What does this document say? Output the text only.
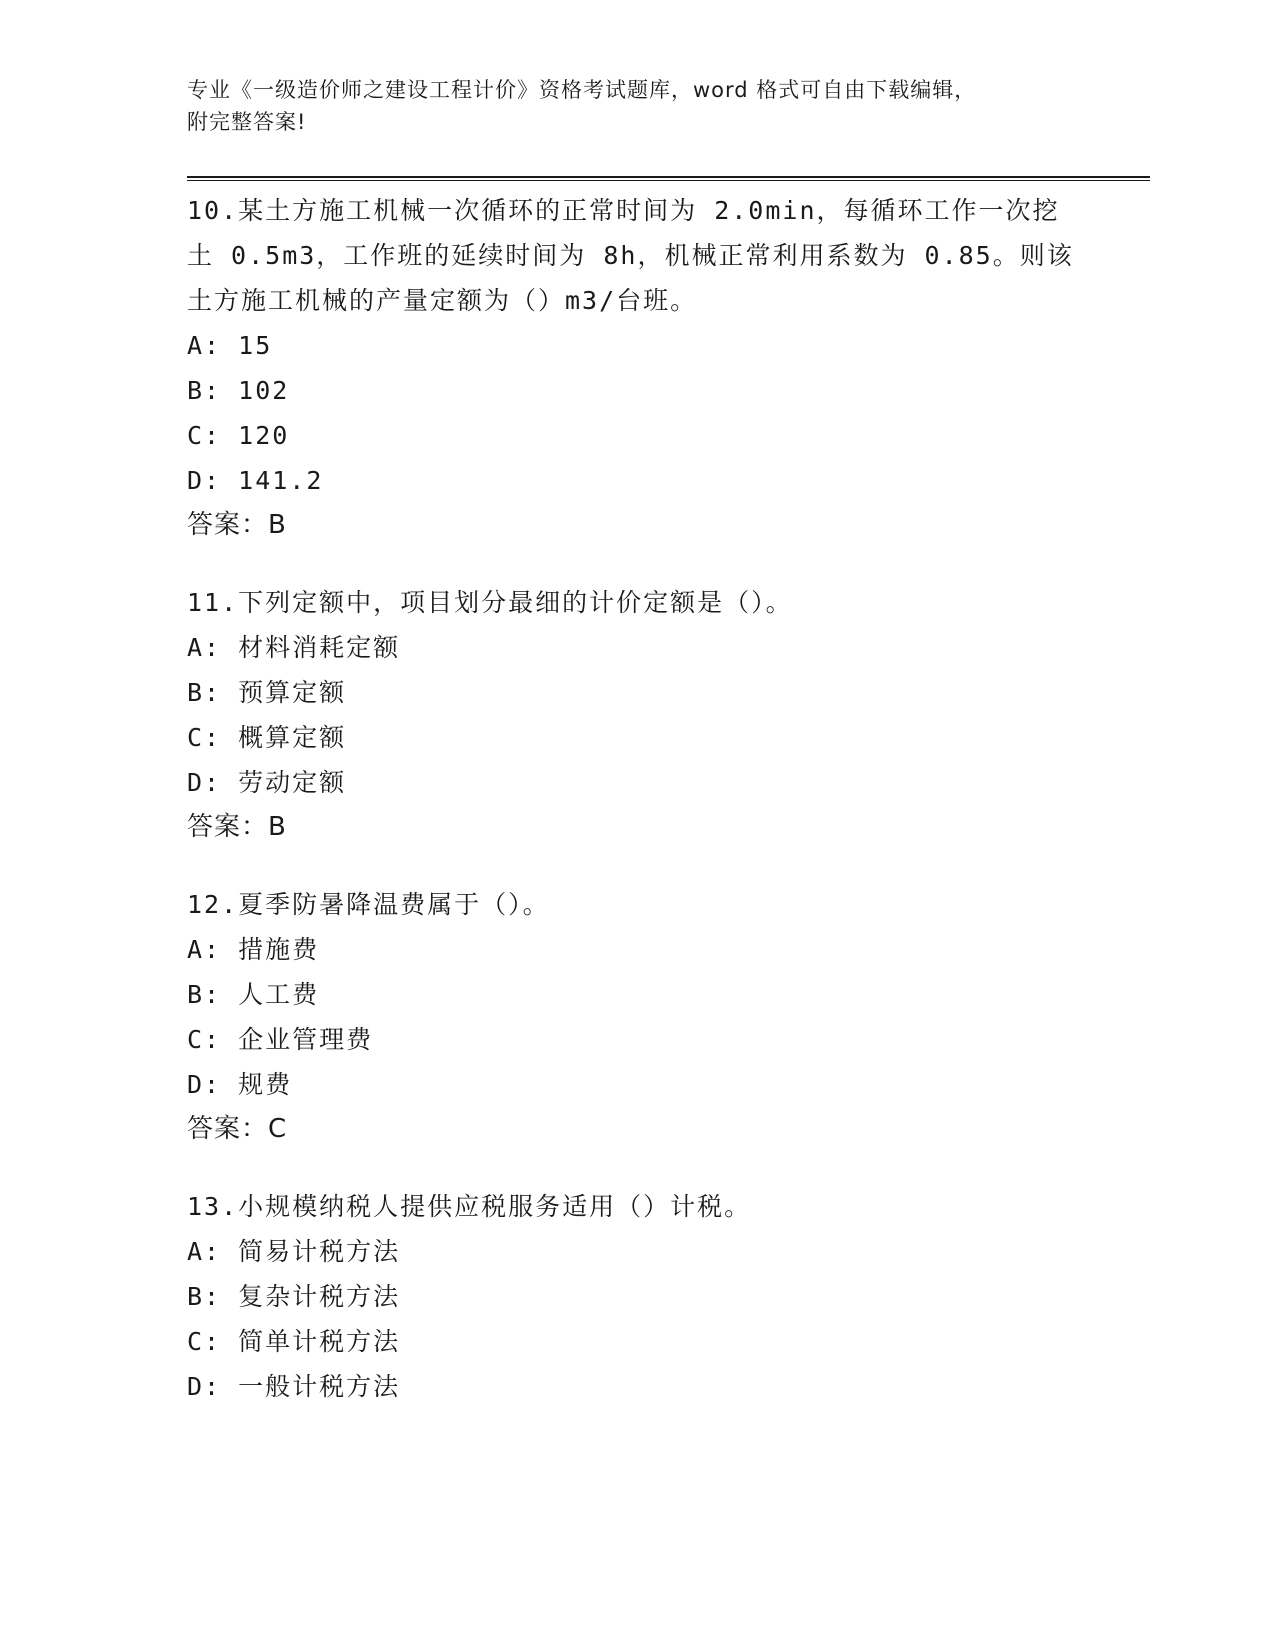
专业《一级造价师之建设工程计价》资格考试题库，word 格式可自由下载编辑，
附完整答案!

10.某土方施工机械一次循环的正常时间为 2.0min，每循环工作一次挖

土 0.5m3，工作班的延续时间为 8h，机械正常利用系数为 0.85。则该

土方施工机械的产量定额为（）m3/台班。

A: 15

B: 102

C: 120

D: 141.2

答案：B

11.下列定额中，项目划分最细的计价定额是（）。

A: 材料消耗定额

B: 预算定额

C: 概算定额

D: 劳动定额

答案：B

12.夏季防暑降温费属于（）。

A: 措施费

B: 人工费

C: 企业管理费

D: 规费

答案：C

13.小规模纳税人提供应税服务适用（）计税。

A: 简易计税方法

B: 复杂计税方法

C: 简单计税方法

D: 一般计税方法
